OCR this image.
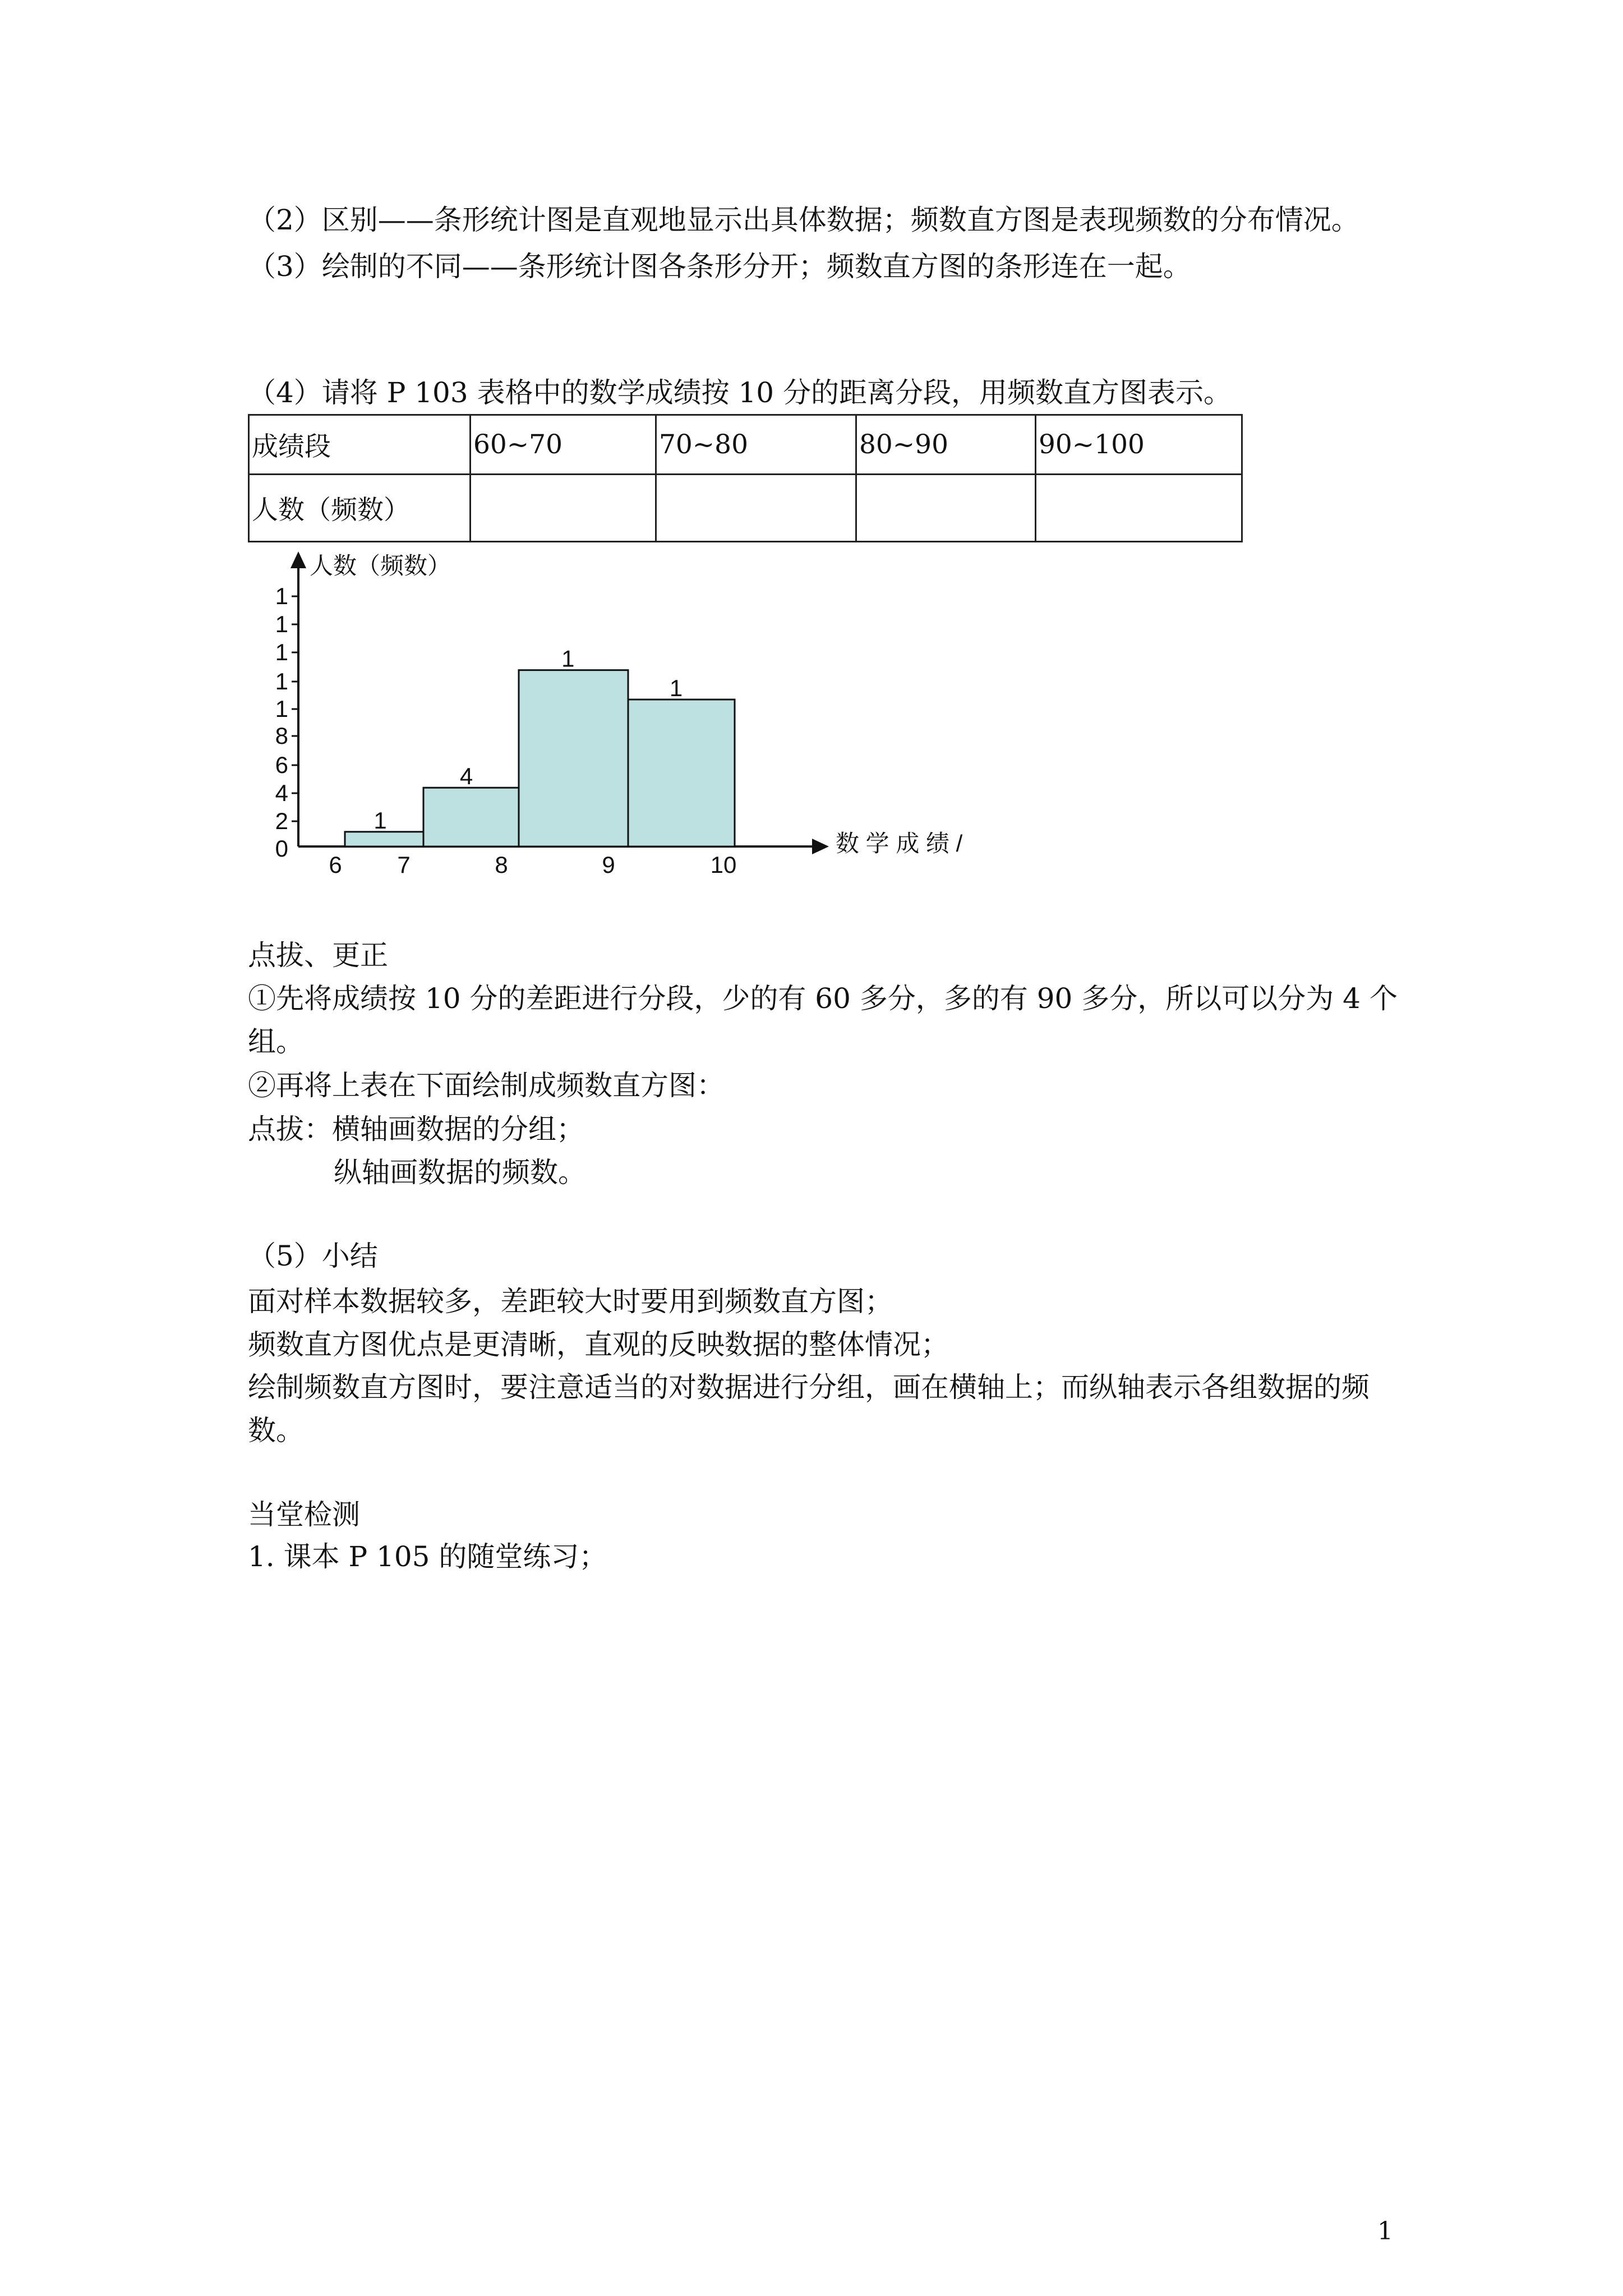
（2）区别——条形统计图是直观地显示出具体数据；频数直方图是表现频数的分布情况。
（3）绘制的不同——条形统计图各条形分开；频数直方图的条形连在一起。
（4）请将 P 103 表格中的数学成绩按 10 分的距离分段，用频数直方图表示。
成绩段	60~70	70~80	80~90	90~100
人数（频数）				
1
4
1
1
0
2
4
6
8
1
1
1
1
1
6 7	8	9	10
人数（频数）
数 学 成 绩 /
点拔、更正
①先将成绩按 10 分的差距进行分段，少的有 60 多分，多的有 90 多分，所以可以分为 4 个
组。
②再将上表在下面绘制成频数直方图：
点拔：横轴画数据的分组；
纵轴画数据的频数。
（5）小结
面对样本数据较多，差距较大时要用到频数直方图；
频数直方图优点是更清晰，直观的反映数据的整体情况；
绘制频数直方图时，要注意适当的对数据进行分组，画在横轴上；而纵轴表示各组数据的频
数。
当堂检测
1. 课本 P 105 的随堂练习；
1
